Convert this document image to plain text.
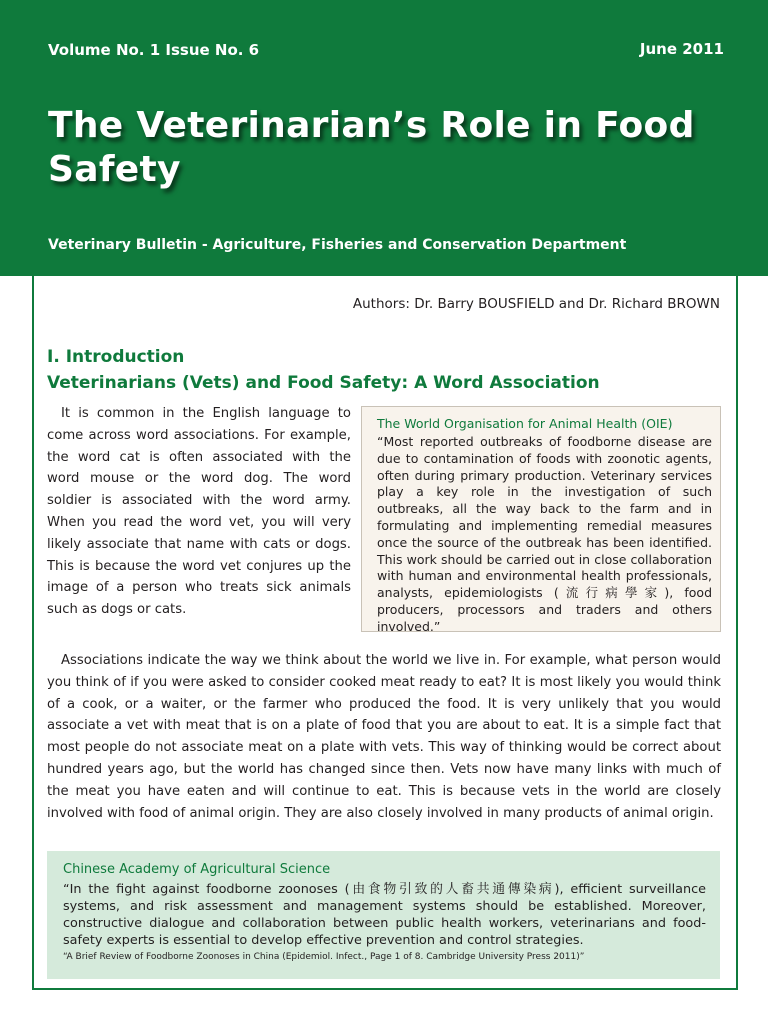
Volume No. 1 Issue No. 6	June 2011
The Veterinarian’s Role in Food Safety
Veterinary Bulletin - Agriculture, Fisheries and Conservation Department
Authors: Dr. Barry BOUSFIELD and Dr. Richard BROWN
I. Introduction
Veterinarians (Vets) and Food Safety: A Word Association

It is common in the English language to come across word associations. For example, the word cat is often associated with the word mouse or the word dog. The word soldier is associated with the word army. When you read the word vet, you will very likely associate that name with cats or dogs. This is because the word vet conjures up the image of a person who treats sick animals such as dogs or cats.

The World Organisation for Animal Health (OIE)

“Most reported outbreaks of foodborne disease are due to contamination of foods with zoonotic agents, often during primary production. Veterinary services play a key role in the investigation of such outbreaks, all the way back to the farm and in formulating and implementing remedial measures once the source of the outbreak has been identified. This work should be carried out in close collaboration with human and environmental health professionals, analysts, epidemiologists (流行病學家), food producers, processors and traders and others involved.”

Associations indicate the way we think about the world we live in. For example, what person would you think of if you were asked to consider cooked meat ready to eat? It is most likely you would think of a cook, or a waiter, or the farmer who produced the food. It is very unlikely that you would associate a vet with meat that is on a plate of food that you are about to eat. It is a simple fact that most people do not associate meat on a plate with vets. This way of thinking would be correct about hundred years ago, but the world has changed since then. Vets now have many links with much of the meat you have eaten and will continue to eat. This is because vets in the world are closely involved with food of animal origin. They are also closely involved in many products of animal origin.

Chinese Academy of Agricultural Science

“In the fight against foodborne zoonoses (由食物引致的人畜共通傳染病), efficient surveillance systems, and risk assessment and management systems should be established. Moreover, constructive dialogue and collaboration between public health workers, veterinarians and food-safety experts is essential to develop effective prevention and control strategies.

“A Brief Review of Foodborne Zoonoses in China (Epidemiol. Infect., Page 1 of 8. Cambridge University Press 2011)”
